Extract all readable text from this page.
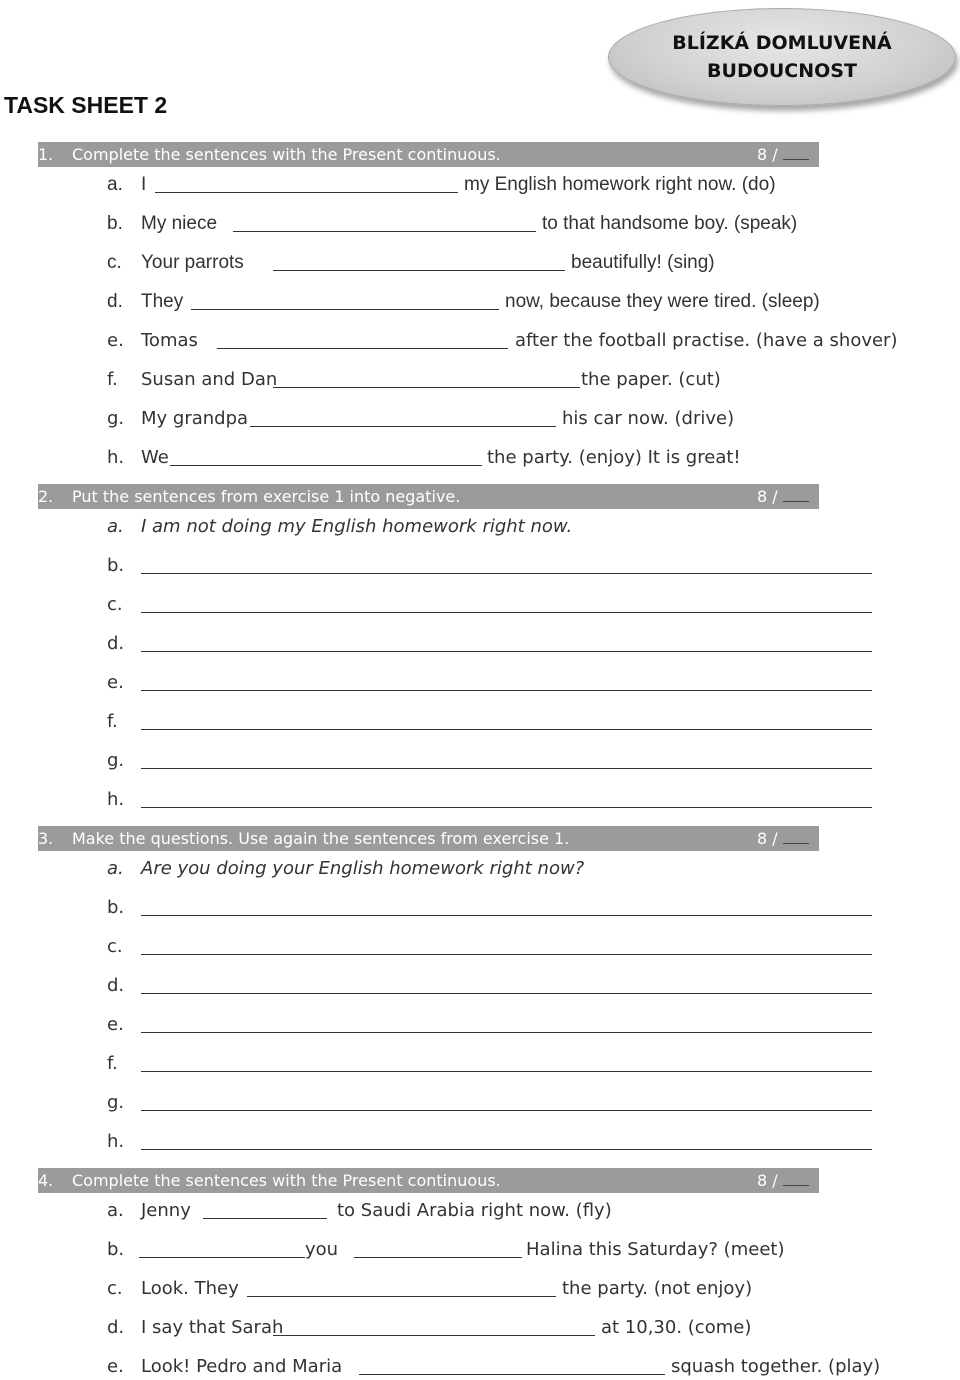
BLÍZKÁ DOMLUVENÁ
BUDOUCNOST
TASK SHEET 2
1. Complete the sentences with the Present continuous.	8 /
a. I	my English homework right now. (do)
b. My niece	to that handsome boy. (speak)
c.	Your parrots	beautifully! (sing)
d. They	now, because they were tired. (sleep)
e. Tomas	after the football practise. (have a shover)
f.	Susan and Dan	the paper. (cut)
g. My grandpa	his car now. (drive)
h. We	the party. (enjoy) It is great!
2. Put the sentences from exercise 1 into negative.	8 /
a. I am not doing my English homework right now.
b.
c.
d.
e.
f.
g.
h.
3. Make the questions. Use again the sentences from exercise 1.	8 /
a. Are you doing your English homework right now?
b.
c.
d.
e.
f.
g.
h.
4. Complete the sentences with the Present continuous.	8 /
a. Jenny	to Saudi Arabia right now. (fly)
b.	you	Halina this Saturday? (meet)
c.	Look. They	the party. (not enjoy)
d. I say that Sarah	at 10,30. (come)
e. Look! Pedro and Maria	squash together. (play)
